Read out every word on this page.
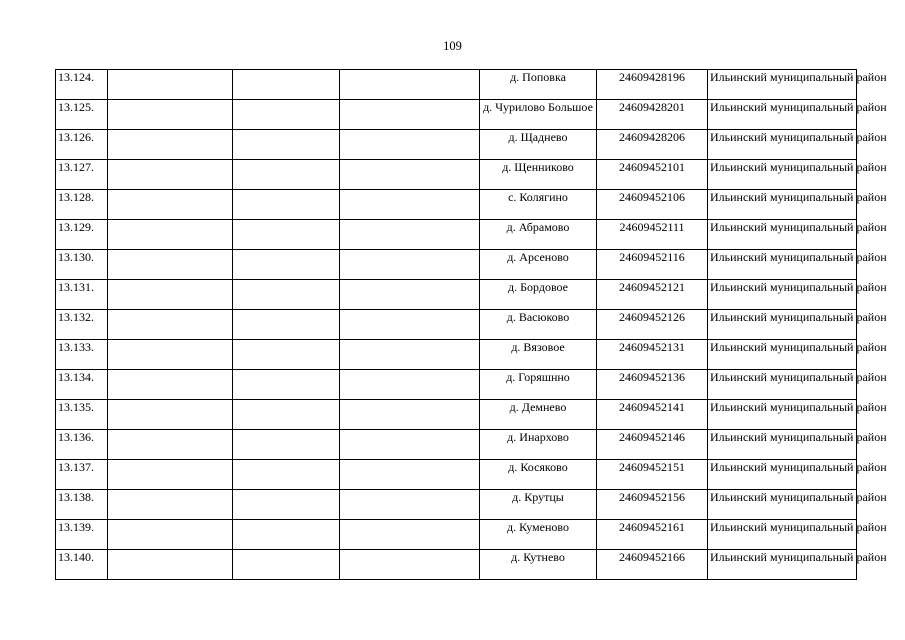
109
13.124.				д. Поповка	24609428196	Ильинский муниципальный район
13.125.				д. Чурилово Большое	24609428201	Ильинский муниципальный район
13.126.				д. Щаднево	24609428206	Ильинский муниципальный район
13.127.				д. Щенниково	24609452101	Ильинский муниципальный район
13.128.				с. Колягино	24609452106	Ильинский муниципальный район
13.129.				д. Абрамово	24609452111	Ильинский муниципальный район
13.130.				д. Арсеново	24609452116	Ильинский муниципальный район
13.131.				д. Бордовое	24609452121	Ильинский муниципальный район
13.132.				д. Васюково	24609452126	Ильинский муниципальный район
13.133.				д. Вязовое	24609452131	Ильинский муниципальный район
13.134.				д. Горяшнно	24609452136	Ильинский муниципальный район
13.135.				д. Демнево	24609452141	Ильинский муниципальный район
13.136.				д. Инархово	24609452146	Ильинский муниципальный район
13.137.				д. Косяково	24609452151	Ильинский муниципальный район
13.138.				д. Крутцы	24609452156	Ильинский муниципальный район
13.139.				д. Куменово	24609452161	Ильинский муниципальный район
13.140.				д. Кутнево	24609452166	Ильинский муниципальный район
